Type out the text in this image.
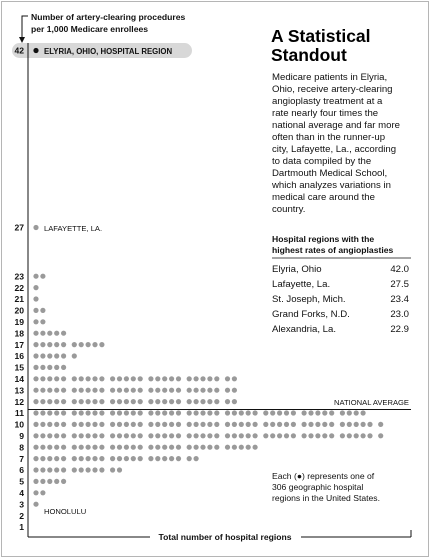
Number of artery-clearing procedures
per 1,000 Medicare enrollees
Total number of hospital regions
NATIONAL AVERAGE
ELYRIA, OHIO, HOSPITAL REGION
LAFAYETTE, LA.
HONOLULU
A Statistical
Standout
Medicare patients in Elyria,
Ohio, receive artery-clearing
angioplasty treatment at a
rate nearly four times the
national average and far more
often than in the runner-up
city, Lafayette, La., according
to data compiled by the
Dartmouth Medical School,
which analyzes variations in
medical care around the
country.
Hospital regions with the
highest rates of angioplasties
Elyria, Ohio	42.0
Lafayette, La.	27.5
St. Joseph, Mich.	23.4
Grand Forks, N.D.	23.0
Alexandria, La.	22.9
Each (●) represents one of
306 geographic hospital
regions in the United States.
1
2
3
4
5
6
7
8
9
10
11
12
13
14
15
16
17
18
19
20
21
22
23
27
42
